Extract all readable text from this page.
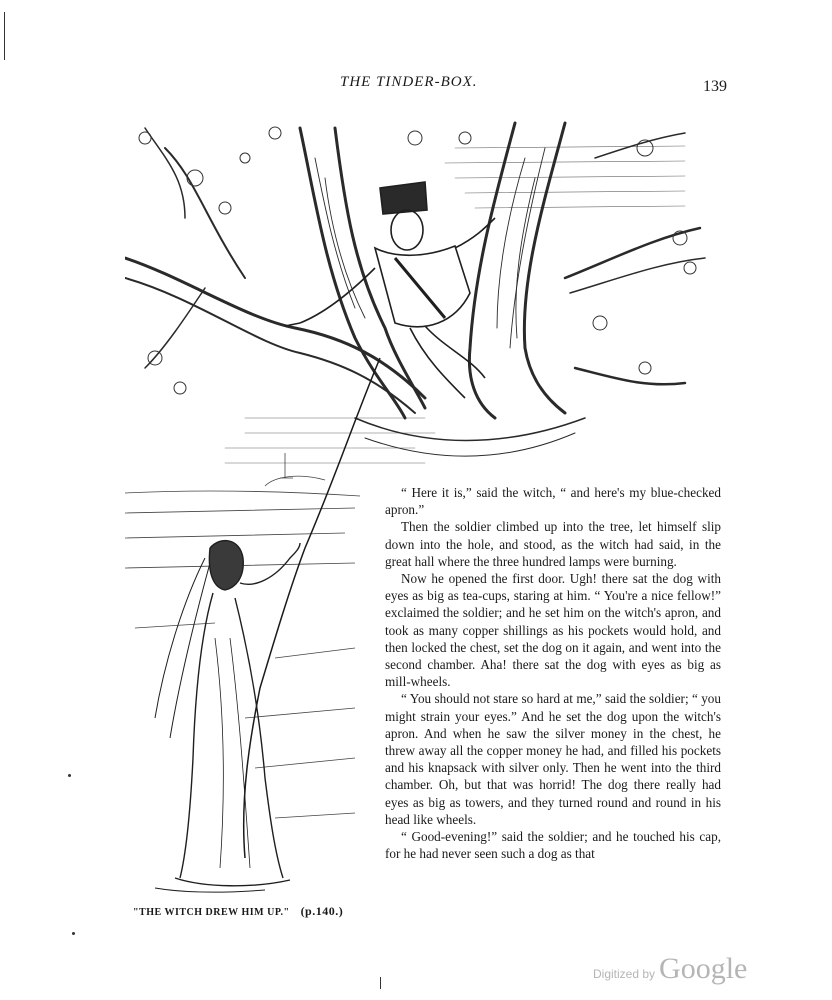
THE TINDER-BOX.	139
"THE WITCH DREW HIM UP." (p.140.)

“ Here it is,” said the witch, “ and here's my blue-checked apron.”

Then the soldier climbed up into the tree, let himself slip down into the hole, and stood, as the witch had said, in the great hall where the three hundred lamps were burning.

Now he opened the first door. Ugh! there sat the dog with eyes as big as tea-cups, staring at him. “ You're a nice fellow!” exclaimed the soldier; and he set him on the witch's apron, and took as many copper shillings as his pockets would hold, and then locked the chest, set the dog on it again, and went into the second chamber. Aha! there sat the dog with eyes as big as mill-wheels.

“ You should not stare so hard at me,” said the soldier; “ you might strain your eyes.” And he set the dog upon the witch's apron. And when he saw the silver money in the chest, he threw away all the copper money he had, and filled his pockets and his knapsack with silver only. Then he went into the third chamber. Oh, but that was horrid! The dog there really had eyes as big as towers, and they turned round and round in his head like wheels.

“ Good-evening!” said the soldier; and he touched his cap, for he had never seen such a dog as that

Digitized by Google
